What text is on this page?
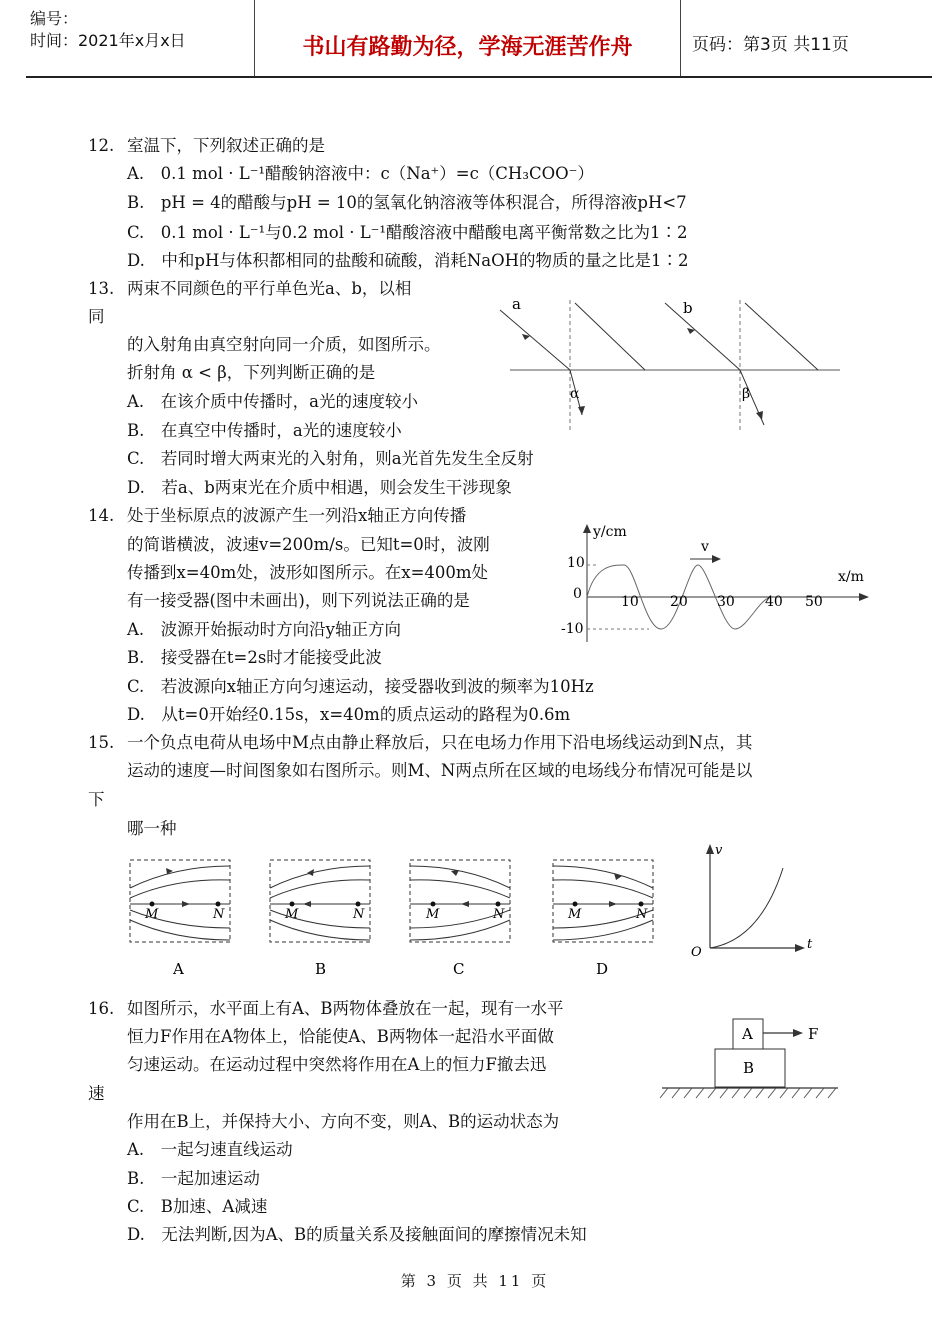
编号：
时间：2021年x月x日	书山有路勤为径，学海无涯苦作舟	页码：第3页 共11页
12. 室温下，下列叙述正确的是
A.　0.1 mol · L⁻¹醋酸钠溶液中：c（Na⁺）=c（CH₃COO⁻）
B.　pH = 4的醋酸与pH = 10的氢氧化钠溶液等体积混合，所得溶液pH<7
C.　0.1 mol · L⁻¹与0.2 mol · L⁻¹醋酸溶液中醋酸电离平衡常数之比为1∶2
D.　中和pH与体积都相同的盐酸和硫酸，消耗NaOH的物质的量之比是1∶2
13. 两束不同颜色的平行单色光a、b，以相
同
的入射角由真空射向同一介质，如图所示。
折射角 α < β，下列判断正确的是
A.　在该介质中传播时，a光的速度较小
B.　在真空中传播时，a光的速度较小
C.　若同时增大两束光的入射角，则a光首先发生全反射
D.　若a、b两束光在介质中相遇，则会发生干涉现象
a	b
α	β
14. 处于坐标原点的波源产生一列沿x轴正方向传播
的简谐横波，波速v=200m/s。已知t=0时，波刚
传播到x=40m处，波形如图所示。在x=400m处
有一接受器(图中未画出)，则下列说法正确的是
A.　波源开始振动时方向沿y轴正方向
B.　接受器在t=2s时才能接受此波
C.　若波源向x轴正方向匀速运动，接受器收到波的频率为10Hz
D.　从t=0开始经0.15s，x=40m的质点运动的路程为0.6m
y/cm
x/m
v
10
0
-10
10 20 30 40 50
15. 一个负点电荷从电场中M点由静止释放后，只在电场力作用下沿电场线运动到N点，其
运动的速度—时间图象如右图所示。则M、N两点所在区域的电场线分布情况可能是以
下
哪一种
M	N
A
M	N
B
M	N
C
M	N
D
v
t
O
16. 如图所示，水平面上有A、B两物体叠放在一起，现有一水平
恒力F作用在A物体上，恰能使A、B两物体一起沿水平面做
匀速运动。在运动过程中突然将作用在A上的恒力F撤去迅
速
作用在B上，并保持大小、方向不变，则A、B的运动状态为
A.　一起匀速直线运动
B.　一起加速运动
C.　B加速、A减速
D.　无法判断,因为A、B的质量关系及接触面间的摩擦情况未知
A
B
F
第 3 页 共 11 页
